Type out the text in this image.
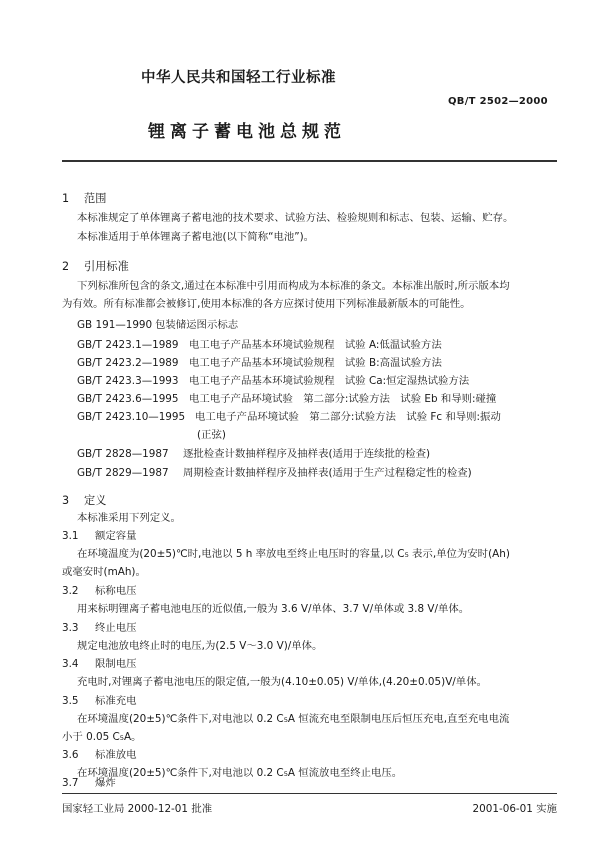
中华人民共和国轻工行业标准
QB/T 2502—2000
锂离子蓄电池总规范
1 范围
本标准规定了单体锂离子蓄电池的技术要求、试验方法、检验规则和标志、包装、运输、贮存。
本标准适用于单体锂离子蓄电池(以下简称“电池”)。
2 引用标准
下列标准所包含的条文,通过在本标准中引用而构成为本标准的条文。本标准出版时,所示版本均
为有效。所有标准都会被修订,使用本标准的各方应探讨使用下列标准最新版本的可能性。
GB 191—1990 包装储运图示标志
GB/T 2423.1—1989 电工电子产品基本环境试验规程　试验 A:低温试验方法
GB/T 2423.2—1989 电工电子产品基本环境试验规程　试验 B:高温试验方法
GB/T 2423.3—1993 电工电子产品基本环境试验规程　试验 Ca:恒定湿热试验方法
GB/T 2423.6—1995 电工电子产品环境试验　第二部分:试验方法　试验 Eb 和导则:碰撞
GB/T 2423.10—1995 电工电子产品环境试验　第二部分:试验方法　试验 Fc 和导则:振动
(正弦)
GB/T 2828—1987 逐批检查计数抽样程序及抽样表(适用于连续批的检查)
GB/T 2829—1987 周期检查计数抽样程序及抽样表(适用于生产过程稳定性的检查)
3 定义
本标准采用下列定义。
3.1 额定容量
在环境温度为(20±5)℃时,电池以 5 h 率放电至终止电压时的容量,以 C₅ 表示,单位为安时(Ah)
或毫安时(mAh)。
3.2 标称电压
用来标明锂离子蓄电池电压的近似值,一般为 3.6 V/单体、3.7 V/单体或 3.8 V/单体。
3.3 终止电压
规定电池放电终止时的电压,为(2.5 V～3.0 V)/单体。
3.4 限制电压
充电时,对锂离子蓄电池电压的限定值,一般为(4.10±0.05) V/单体,(4.20±0.05)V/单体。
3.5 标准充电
在环境温度(20±5)℃条件下,对电池以 0.2 C₅A 恒流充电至限制电压后恒压充电,直至充电电流
小于 0.05 C₅A。
3.6 标准放电
在环境温度(20±5)℃条件下,对电池以 0.2 C₅A 恒流放电至终止电压。
3.7 爆炸
国家轻工业局 2000-12-01 批准	2001-06-01 实施
